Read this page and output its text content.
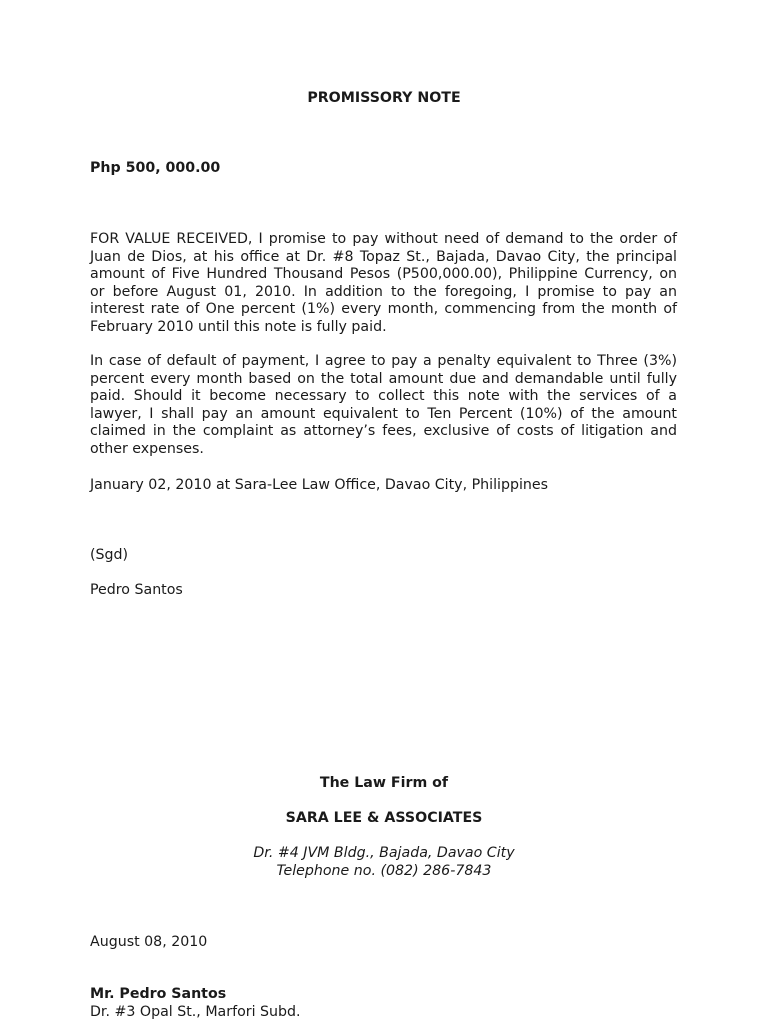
PROMISSORY NOTE

Php 500, 000.00

FOR VALUE RECEIVED, I promise to pay without need of demand to the order of Juan de Dios, at his office at Dr. #8 Topaz St., Bajada, Davao City, the principal amount of Five Hundred Thousand Pesos (P500,000.00), Philippine Currency, on or before August 01, 2010. In addition to the foregoing, I promise to pay an interest rate of One percent (1%) every month, commencing from the month of February 2010 until this note is fully paid.

In case of default of payment, I agree to pay a penalty equivalent to Three (3%) percent every month based on the total amount due and demandable until fully paid. Should it become necessary to collect this note with the services of a lawyer, I shall pay an amount equivalent to Ten Percent (10%) of the amount claimed in the complaint as attorney’s fees, exclusive of costs of litigation and other expenses.

January 02, 2010 at Sara-Lee Law Office, Davao City, Philippines

(Sgd)

Pedro Santos

The Law Firm of

SARA LEE & ASSOCIATES

Dr. #4 JVM Bldg., Bajada, Davao City
Telephone no. (082) 286-7843

August 08, 2010

Mr. Pedro Santos

Dr. #3 Opal St., Marfori Subd.
